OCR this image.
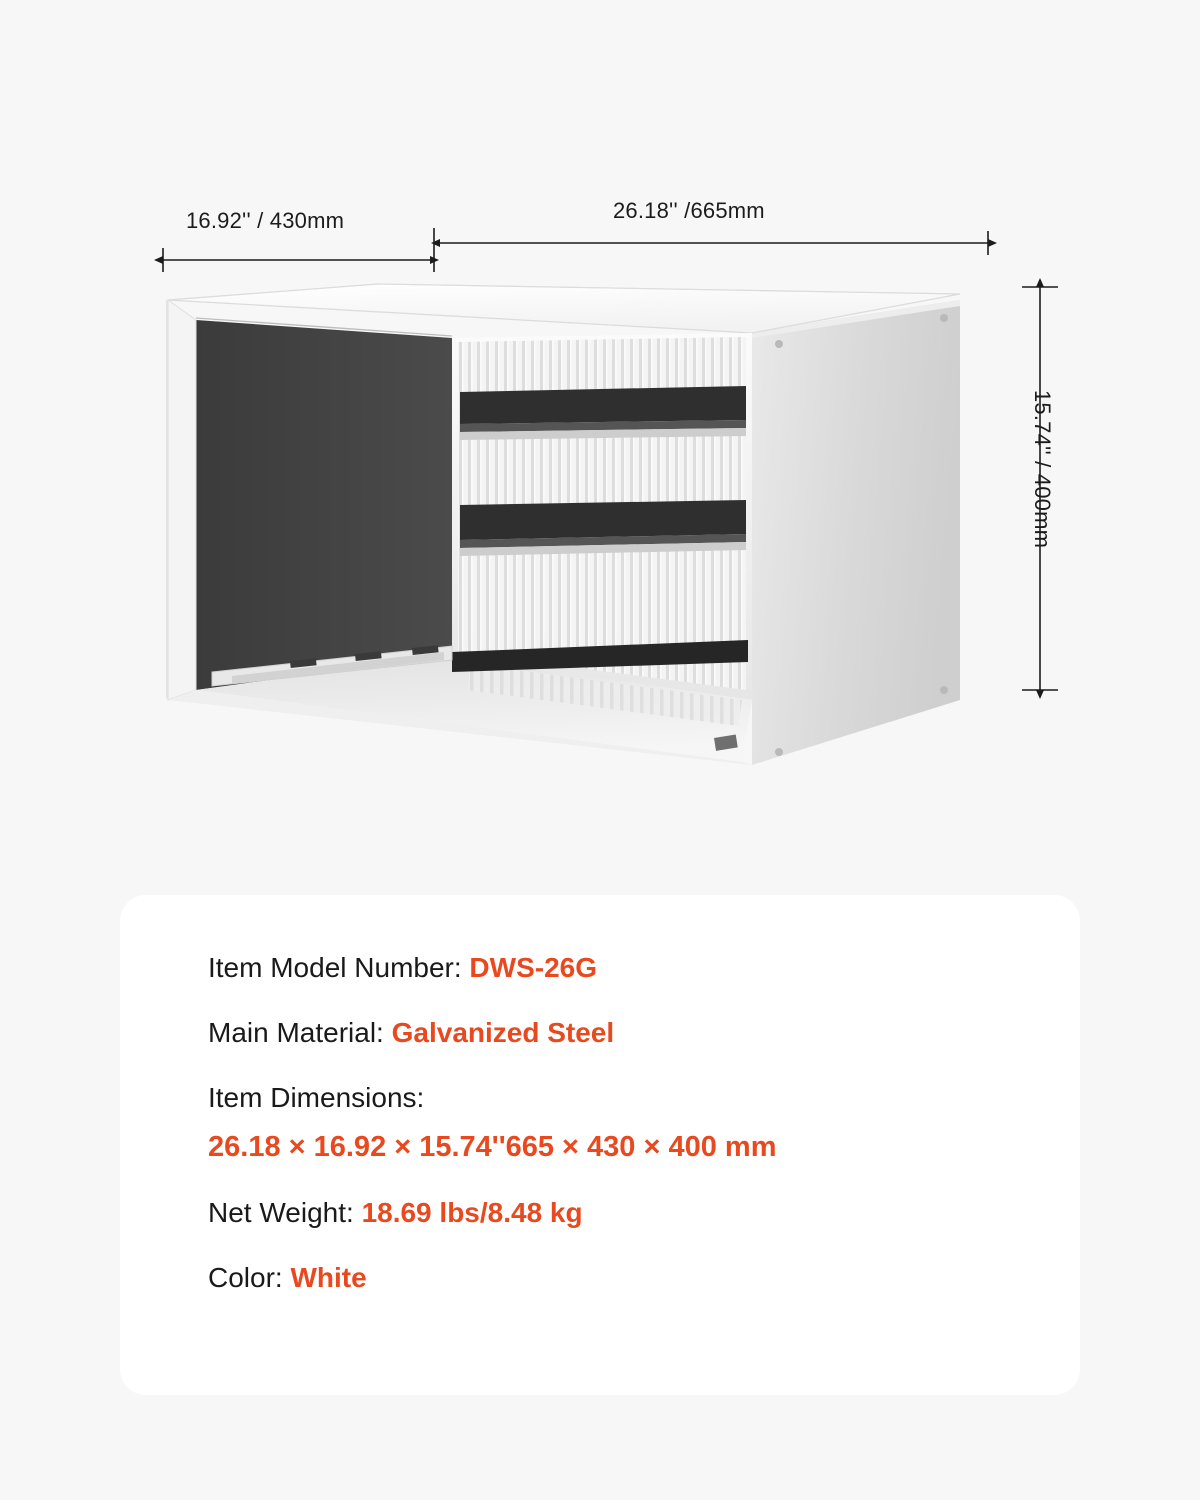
16.92'' / 430mm	26.18'' /665mm
15.74'' / 400mm
Item Model Number: DWS-26G
Main Material: Galvanized Steel
Item Dimensions:
26.18 × 16.92 × 15.74''665 × 430 × 400 mm
Net Weight: 18.69 lbs/8.48 kg
Color: White
